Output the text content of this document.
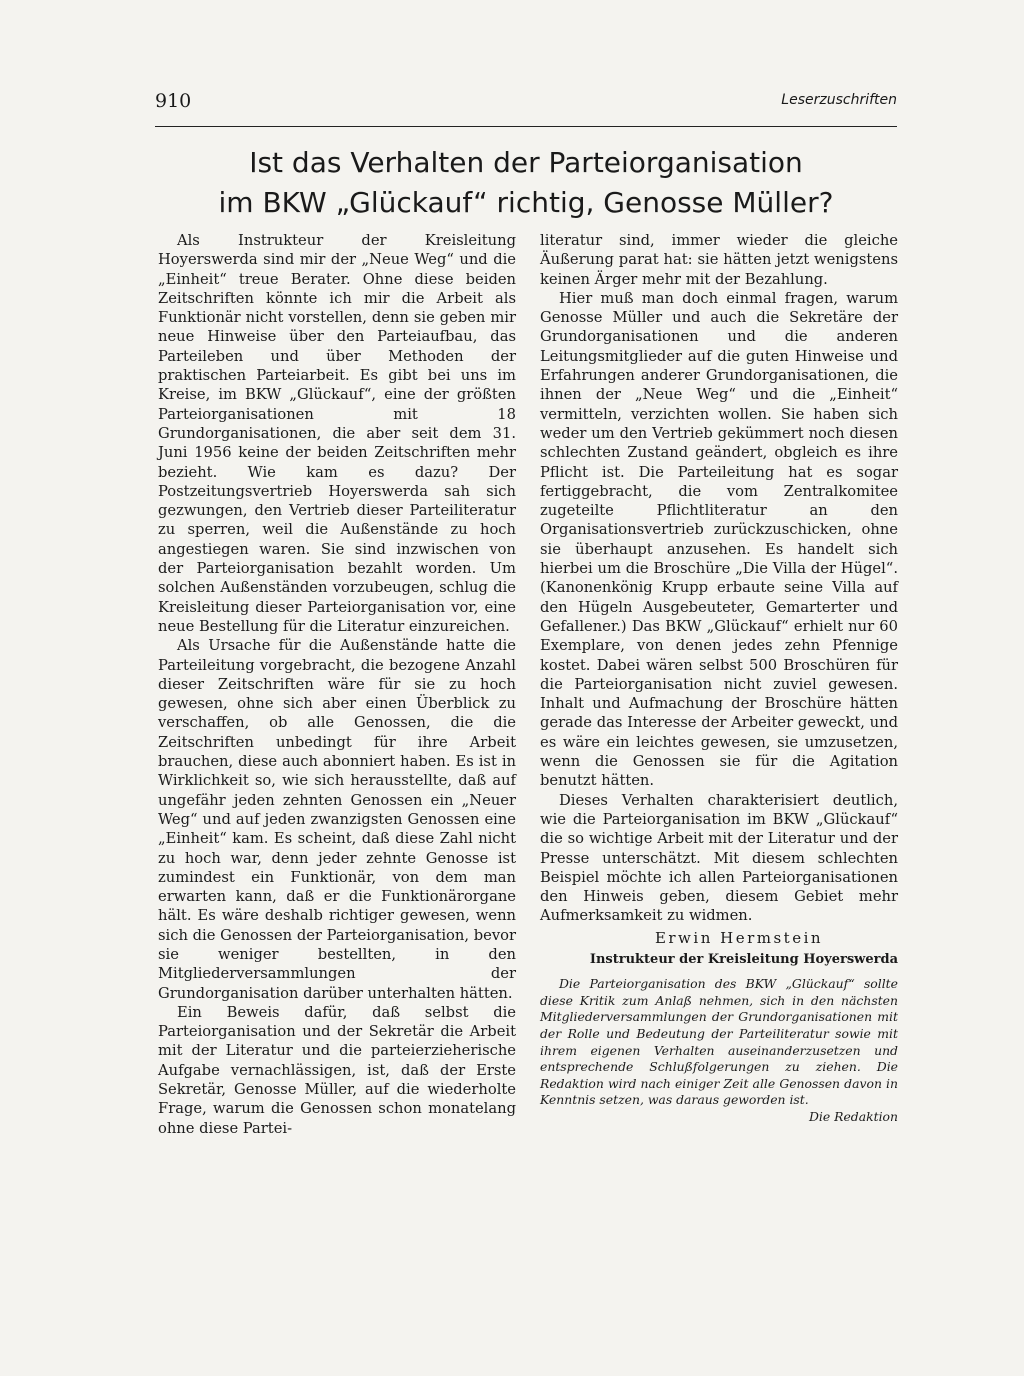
910	Leserzuschriften
Ist das Verhalten der Parteiorganisation
im BKW „Glückauf“ richtig, Genosse Müller?

Als Instrukteur der Kreisleitung Hoyerswerda sind mir der „Neue Weg“ und die „Einheit“ treue Berater. Ohne diese beiden Zeitschriften könnte ich mir die Arbeit als Funktionär nicht vorstellen, denn sie geben mir neue Hinweise über den Parteiaufbau, das Parteileben und über Methoden der praktischen Parteiarbeit. Es gibt bei uns im Kreise, im BKW „Glückauf“, eine der größten Parteiorganisationen mit 18 Grundorganisationen, die aber seit dem 31. Juni 1956 keine der beiden Zeitschriften mehr bezieht. Wie kam es dazu? Der Postzeitungsvertrieb Hoyerswerda sah sich gezwungen, den Vertrieb dieser Parteiliteratur zu sperren, weil die Außenstände zu hoch angestiegen waren. Sie sind inzwischen von der Parteiorganisation bezahlt worden. Um solchen Außenständen vorzubeugen, schlug die Kreisleitung dieser Parteiorganisation vor, eine neue Bestellung für die Literatur einzureichen.

Als Ursache für die Außenstände hatte die Parteileitung vorgebracht, die bezogene Anzahl dieser Zeitschriften wäre für sie zu hoch gewesen, ohne sich aber einen Überblick zu verschaffen, ob alle Genossen, die die Zeitschriften unbedingt für ihre Arbeit brauchen, diese auch abonniert haben. Es ist in Wirklichkeit so, wie sich herausstellte, daß auf ungefähr jeden zehnten Genossen ein „Neuer Weg“ und auf jeden zwanzigsten Genossen eine „Einheit“ kam. Es scheint, daß diese Zahl nicht zu hoch war, denn jeder zehnte Genosse ist zumindest ein Funktionär, von dem man erwarten kann, daß er die Funktionärorgane hält. Es wäre deshalb richtiger gewesen, wenn sich die Genossen der Parteiorganisation, bevor sie weniger bestellten, in den Mitgliederversammlungen der Grundorganisation darüber unterhalten hätten.

Ein Beweis dafür, daß selbst die Parteiorganisation und der Sekretär die Arbeit mit der Literatur und die parteierzieherische Aufgabe vernachlässigen, ist, daß der Erste Sekretär, Genosse Müller, auf die wiederholte Frage, warum die Genossen schon monatelang ohne diese Partei-

literatur sind, immer wieder die gleiche Äußerung parat hat: sie hätten jetzt wenigstens keinen Ärger mehr mit der Bezahlung.

Hier muß man doch einmal fragen, warum Genosse Müller und auch die Sekretäre der Grundorganisationen und die anderen Leitungsmitglieder auf die guten Hinweise und Erfahrungen anderer Grundorganisationen, die ihnen der „Neue Weg“ und die „Einheit“ vermitteln, verzichten wollen. Sie haben sich weder um den Vertrieb gekümmert noch diesen schlechten Zustand geändert, obgleich es ihre Pflicht ist. Die Parteileitung hat es sogar fertiggebracht, die vom Zentralkomitee zugeteilte Pflichtliteratur an den Organisationsvertrieb zurückzuschicken, ohne sie überhaupt anzusehen. Es handelt sich hierbei um die Broschüre „Die Villa der Hügel“. (Kanonenkönig Krupp erbaute seine Villa auf den Hügeln Ausgebeuteter, Gemarterter und Gefallener.) Das BKW „Glückauf“ erhielt nur 60 Exemplare, von denen jedes zehn Pfennige kostet. Dabei wären selbst 500 Broschüren für die Parteiorganisation nicht zuviel gewesen. Inhalt und Aufmachung der Broschüre hätten gerade das Interesse der Arbeiter geweckt, und es wäre ein leichtes gewesen, sie umzusetzen, wenn die Genossen sie für die Agitation benutzt hätten.

Dieses Verhalten charakterisiert deutlich, wie die Parteiorganisation im BKW „Glückauf“ die so wichtige Arbeit mit der Literatur und der Presse unterschätzt. Mit diesem schlechten Beispiel möchte ich allen Parteiorganisationen den Hinweis geben, diesem Gebiet mehr Aufmerksamkeit zu widmen.

Erwin Hermstein
Instrukteur der Kreisleitung Hoyerswerda
Die Parteiorganisation des BKW „Glückauf“ sollte diese Kritik zum Anlaß nehmen, sich in den nächsten Mitgliederversammlungen der Grundorganisationen mit der Rolle und Bedeutung der Parteiliteratur sowie mit ihrem eigenen Verhalten auseinanderzusetzen und entsprechende Schlußfolgerungen zu ziehen. Die Redaktion wird nach einiger Zeit alle Genossen davon in Kenntnis setzen, was daraus geworden ist.
Die Redaktion
